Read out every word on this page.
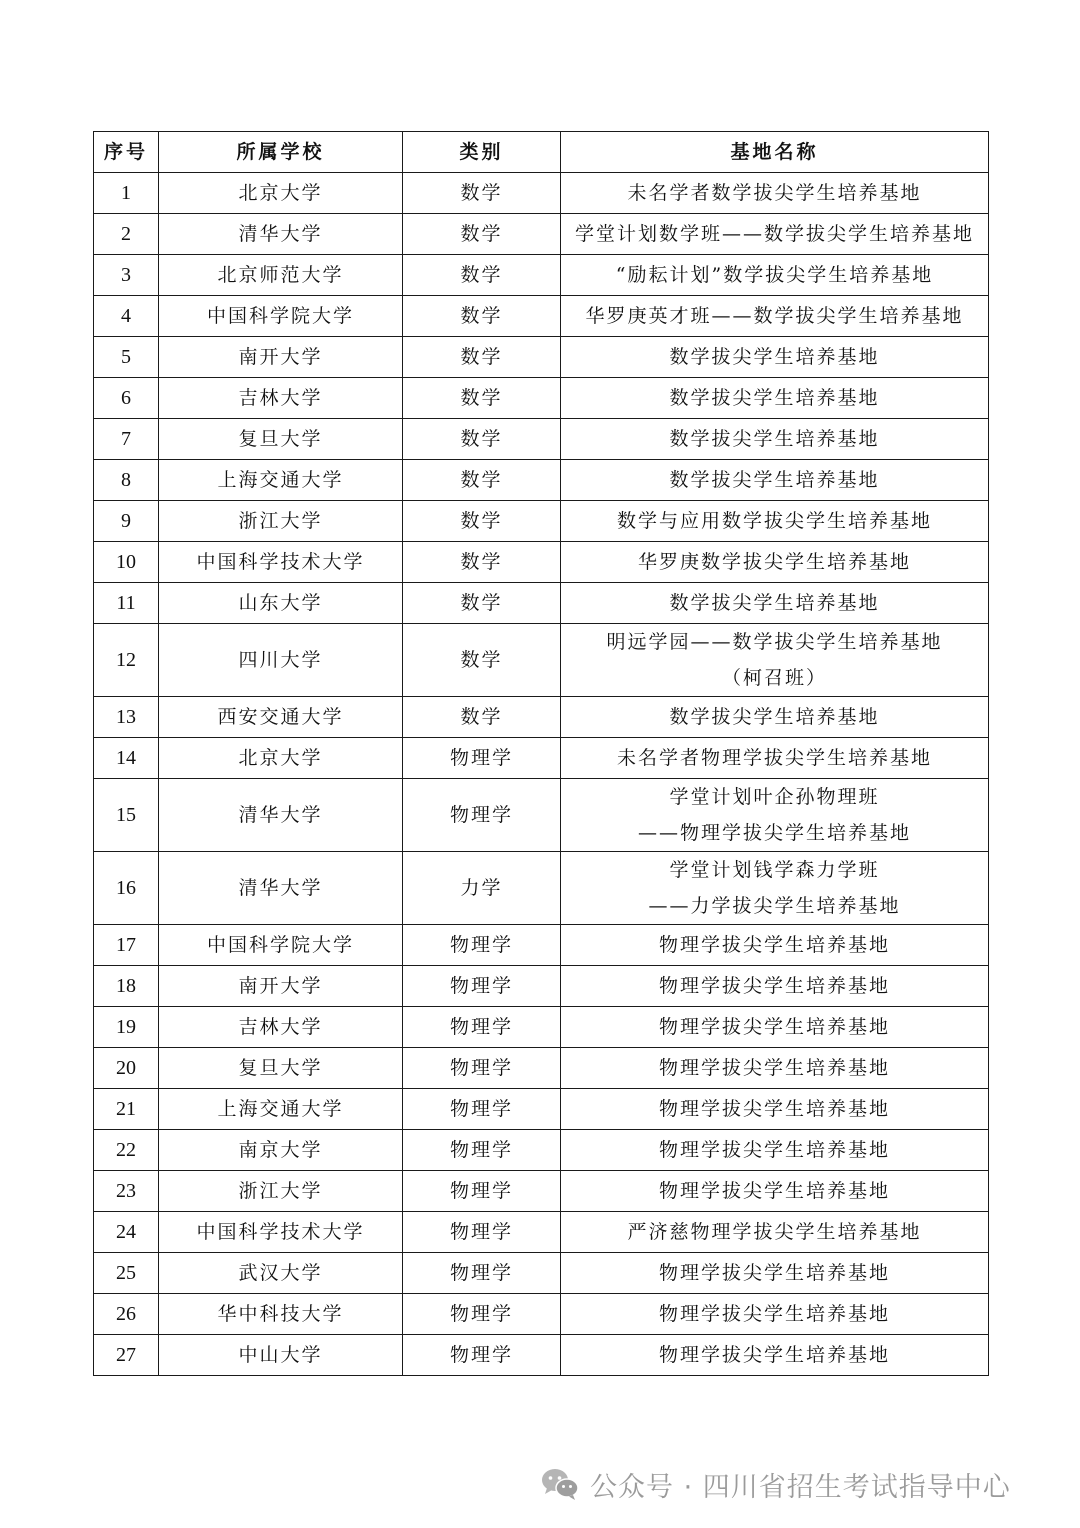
序号	所属学校	类别	基地名称
1	北京大学	数学	未名学者数学拔尖学生培养基地

2	清华大学	数学	学堂计划数学班——数学拔尖学生培养基地

3	北京师范大学	数学	“励耘计划”数学拔尖学生培养基地

4	中国科学院大学	数学	华罗庚英才班——数学拔尖学生培养基地

5	南开大学	数学	数学拔尖学生培养基地

6	吉林大学	数学	数学拔尖学生培养基地

7	复旦大学	数学	数学拔尖学生培养基地

8	上海交通大学	数学	数学拔尖学生培养基地

9	浙江大学	数学	数学与应用数学拔尖学生培养基地

10	中国科学技术大学	数学	华罗庚数学拔尖学生培养基地

11	山东大学	数学	数学拔尖学生培养基地

12	四川大学	数学	明远学园——数学拔尖学生培养基地
（柯召班）

13	西安交通大学	数学	数学拔尖学生培养基地

14	北京大学	物理学	未名学者物理学拔尖学生培养基地

15	清华大学	物理学	学堂计划叶企孙物理班
——物理学拔尖学生培养基地

16	清华大学	力学	学堂计划钱学森力学班
——力学拔尖学生培养基地

17	中国科学院大学	物理学	物理学拔尖学生培养基地

18	南开大学	物理学	物理学拔尖学生培养基地

19	吉林大学	物理学	物理学拔尖学生培养基地

20	复旦大学	物理学	物理学拔尖学生培养基地

21	上海交通大学	物理学	物理学拔尖学生培养基地

22	南京大学	物理学	物理学拔尖学生培养基地

23	浙江大学	物理学	物理学拔尖学生培养基地

24	中国科学技术大学	物理学	严济慈物理学拔尖学生培养基地

25	武汉大学	物理学	物理学拔尖学生培养基地

26	华中科技大学	物理学	物理学拔尖学生培养基地

27	中山大学	物理学	物理学拔尖学生培养基地
公众号 · 四川省招生考试指导中心
